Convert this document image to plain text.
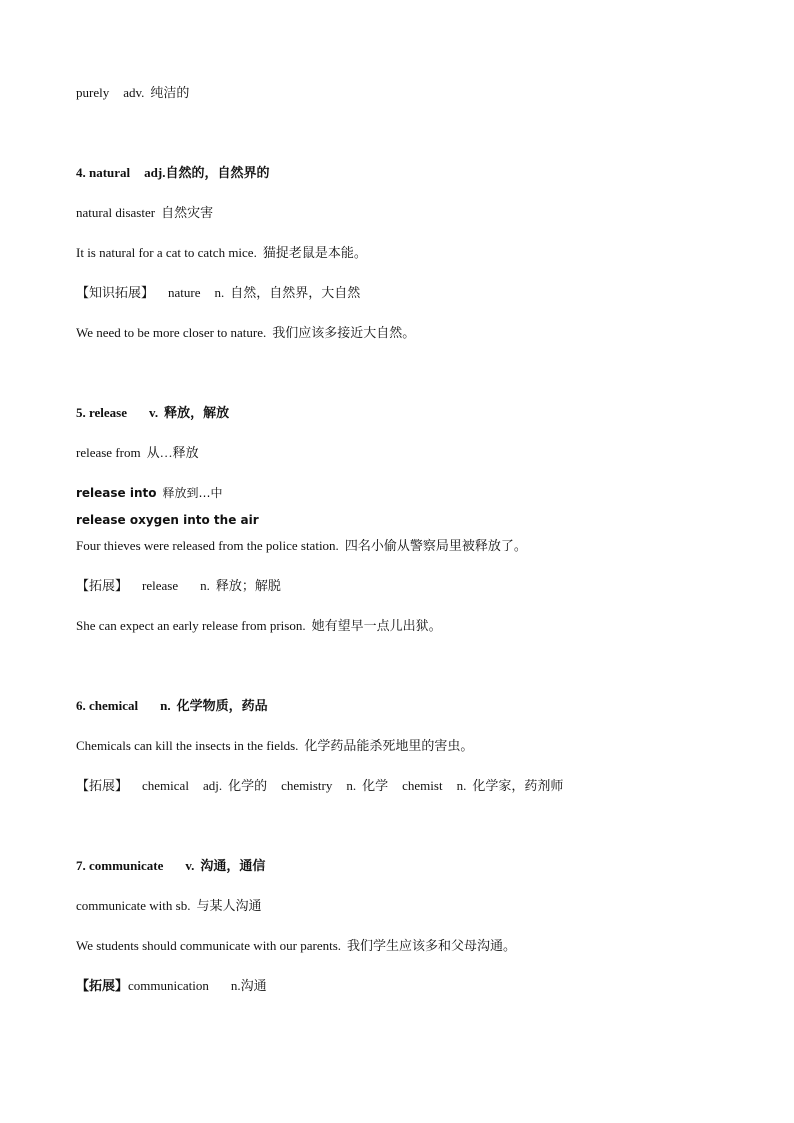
purely adv. 纯洁的
4. natural adj.自然的，自然界的
natural disaster 自然灾害
It is natural for a cat to catch mice. 猫捉老鼠是本能。
【知识拓展】 nature n. 自然，自然界，大自然
We need to be more closer to nature. 我们应该多接近大自然。
5. release v. 释放，解放
release from 从…释放
release into 释放到…中
release oxygen into the air
Four thieves were released from the police station. 四名小偷从警察局里被释放了。
【拓展】 release n. 释放；解脱
She can expect an early release from prison. 她有望早一点儿出狱。
6. chemical n. 化学物质，药品
Chemicals can kill the insects in the fields. 化学药品能杀死地里的害虫。
【拓展】 chemical adj. 化学的 chemistry n. 化学 chemist n. 化学家，药剂师
7. communicate v. 沟通，通信
communicate with sb. 与某人沟通
We students should communicate with our parents. 我们学生应该多和父母沟通。
【拓展】communication n.沟通
